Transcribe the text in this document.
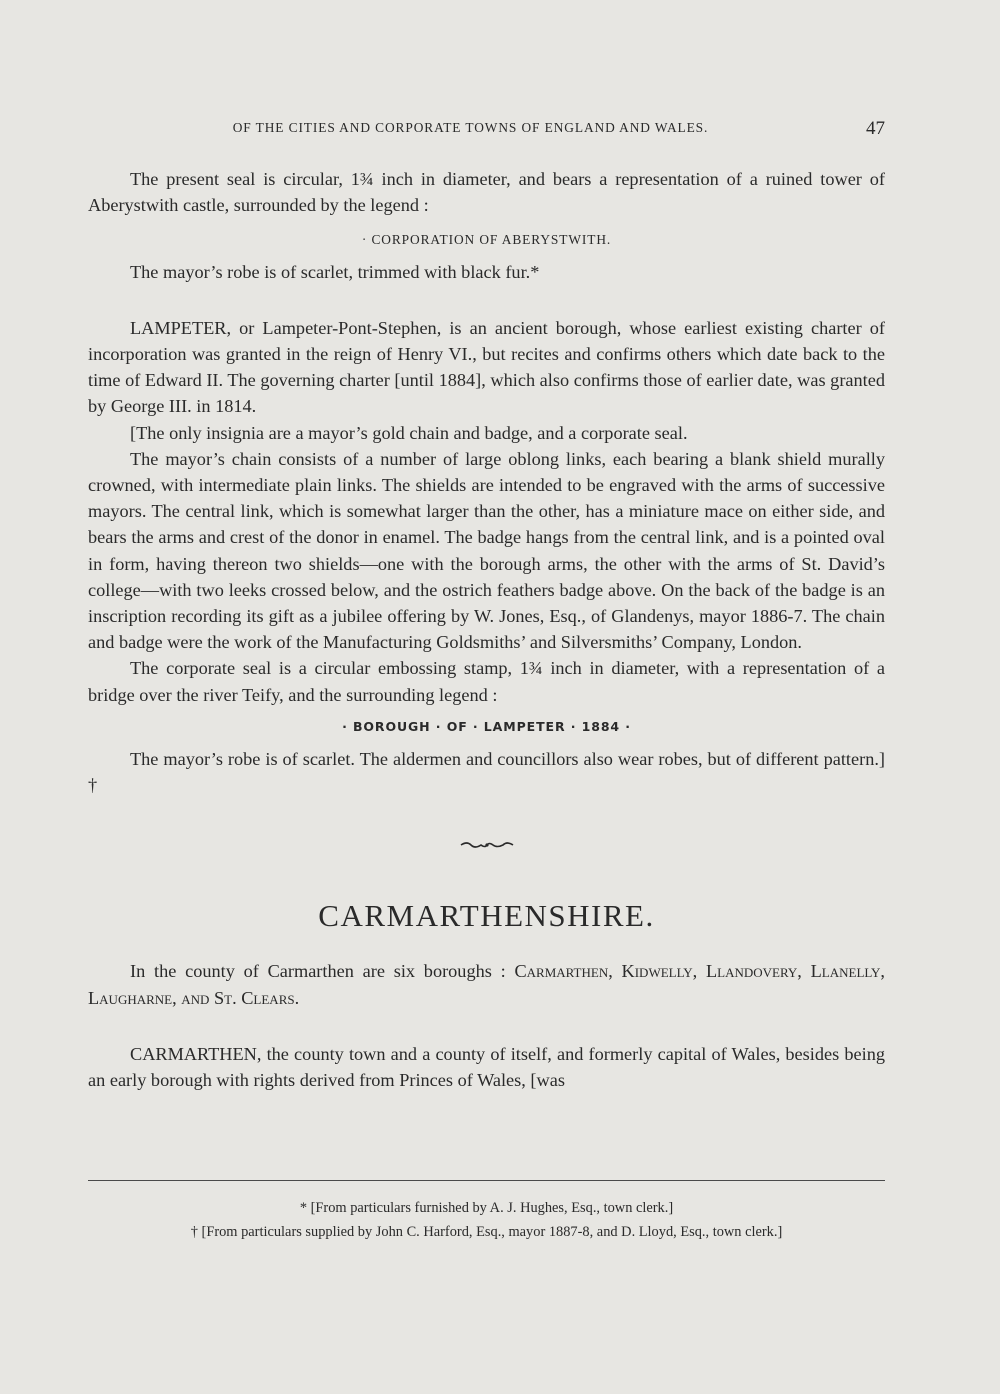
OF THE CITIES AND CORPORATE TOWNS OF ENGLAND AND WALES.	47

The present seal is circular, 1¾ inch in diameter, and bears a representation of a ruined tower of Aberystwith castle, surrounded by the legend :

· CORPORATION OF ABERYSTWITH.

The mayor’s robe is of scarlet, trimmed with black fur.*

LAMPETER, or Lampeter-Pont-Stephen, is an ancient borough, whose earliest existing charter of incorporation was granted in the reign of Henry VI., but recites and confirms others which date back to the time of Edward II. The governing charter [until 1884], which also confirms those of earlier date, was granted by George III. in 1814.

[The only insignia are a mayor’s gold chain and badge, and a corporate seal.

The mayor’s chain consists of a number of large oblong links, each bearing a blank shield murally crowned, with intermediate plain links. The shields are intended to be engraved with the arms of successive mayors. The central link, which is somewhat larger than the other, has a miniature mace on either side, and bears the arms and crest of the donor in enamel. The badge hangs from the central link, and is a pointed oval in form, having thereon two shields—one with the borough arms, the other with the arms of St. David’s college—with two leeks crossed below, and the ostrich feathers badge above. On the back of the badge is an inscription recording its gift as a jubilee offering by W. Jones, Esq., of Glandenys, mayor 1886-7. The chain and badge were the work of the Manufacturing Goldsmiths’ and Silversmiths’ Company, London.

The corporate seal is a circular embossing stamp, 1¾ inch in diameter, with a representation of a bridge over the river Teify, and the surrounding legend :

· BOROUGH · OF · LAMPETER · 1884 ·

The mayor’s robe is of scarlet. The aldermen and councillors also wear robes, but of different pattern.] †

CARMARTHENSHIRE.

In the county of Carmarthen are six boroughs : Carmarthen, Kidwelly, Llandovery, Llanelly, Laugharne, and St. Clears.

CARMARTHEN, the county town and a county of itself, and formerly capital of Wales, besides being an early borough with rights derived from Princes of Wales, [was

* [From particulars furnished by A. J. Hughes, Esq., town clerk.]
† [From particulars supplied by John C. Harford, Esq., mayor 1887-8, and D. Lloyd, Esq., town clerk.]
